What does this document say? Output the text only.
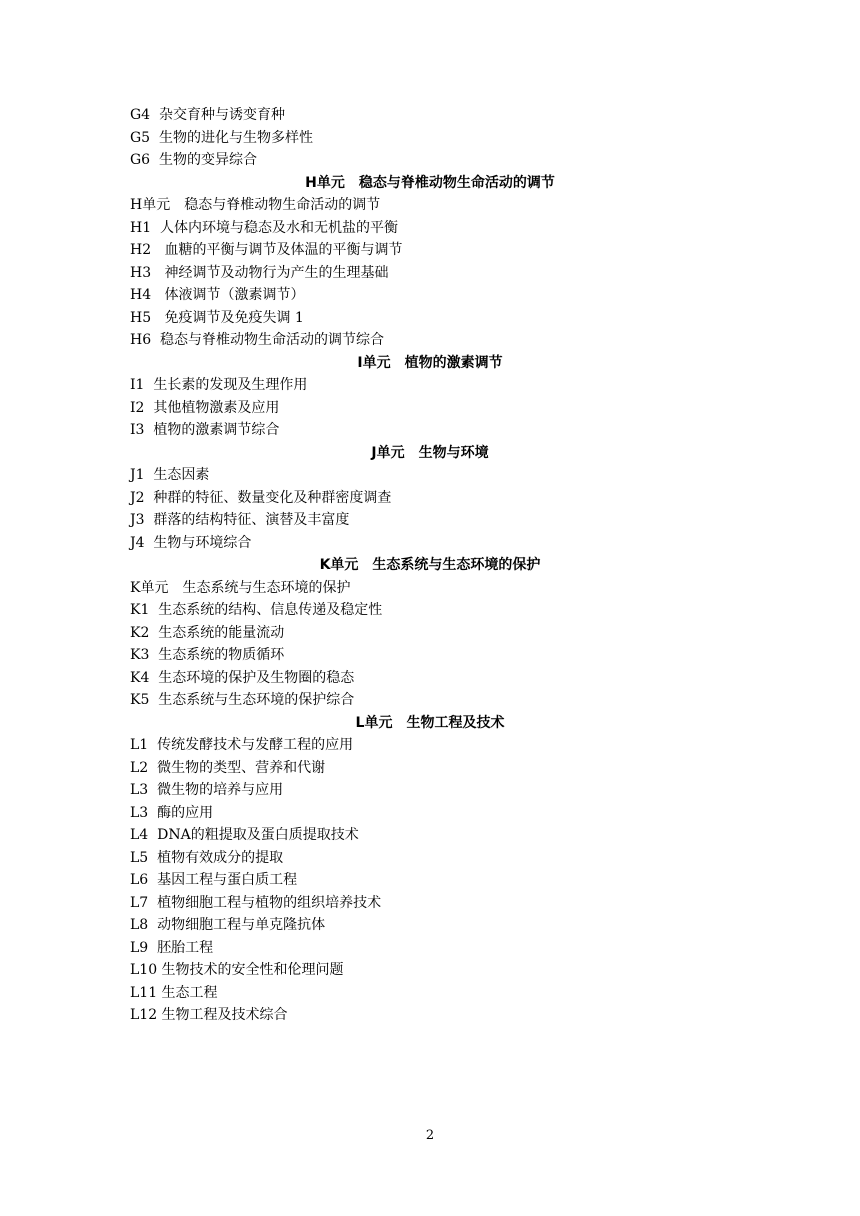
G4  杂交育种与诱变育种
G5  生物的进化与生物多样性
G6  生物的变异综合
H单元　稳态与脊椎动物生命活动的调节
H单元　稳态与脊椎动物生命活动的调节
H1  人体内环境与稳态及水和无机盐的平衡
H2   血糖的平衡与调节及体温的平衡与调节
H3   神经调节及动物行为产生的生理基础
H4   体液调节（激素调节）
H5   免疫调节及免疫失调 1
H6  稳态与脊椎动物生命活动的调节综合
I单元　植物的激素调节
I1  生长素的发现及生理作用
I2  其他植物激素及应用
I3  植物的激素调节综合
J单元　生物与环境
J1  生态因素
J2  种群的特征、数量变化及种群密度调查
J3  群落的结构特征、演替及丰富度
J4  生物与环境综合
K单元　生态系统与生态环境的保护
K单元　生态系统与生态环境的保护
K1  生态系统的结构、信息传递及稳定性
K2  生态系统的能量流动
K3  生态系统的物质循环
K4  生态环境的保护及生物圈的稳态
K5  生态系统与生态环境的保护综合
L单元　生物工程及技术
L1  传统发酵技术与发酵工程的应用
L2  微生物的类型、营养和代谢
L3  微生物的培养与应用
L3  酶的应用
L4  DNA的粗提取及蛋白质提取技术
L5  植物有效成分的提取
L6  基因工程与蛋白质工程
L7  植物细胞工程与植物的组织培养技术
L8  动物细胞工程与单克隆抗体
L9  胚胎工程
L10 生物技术的安全性和伦理问题
L11 生态工程
L12 生物工程及技术综合
2
